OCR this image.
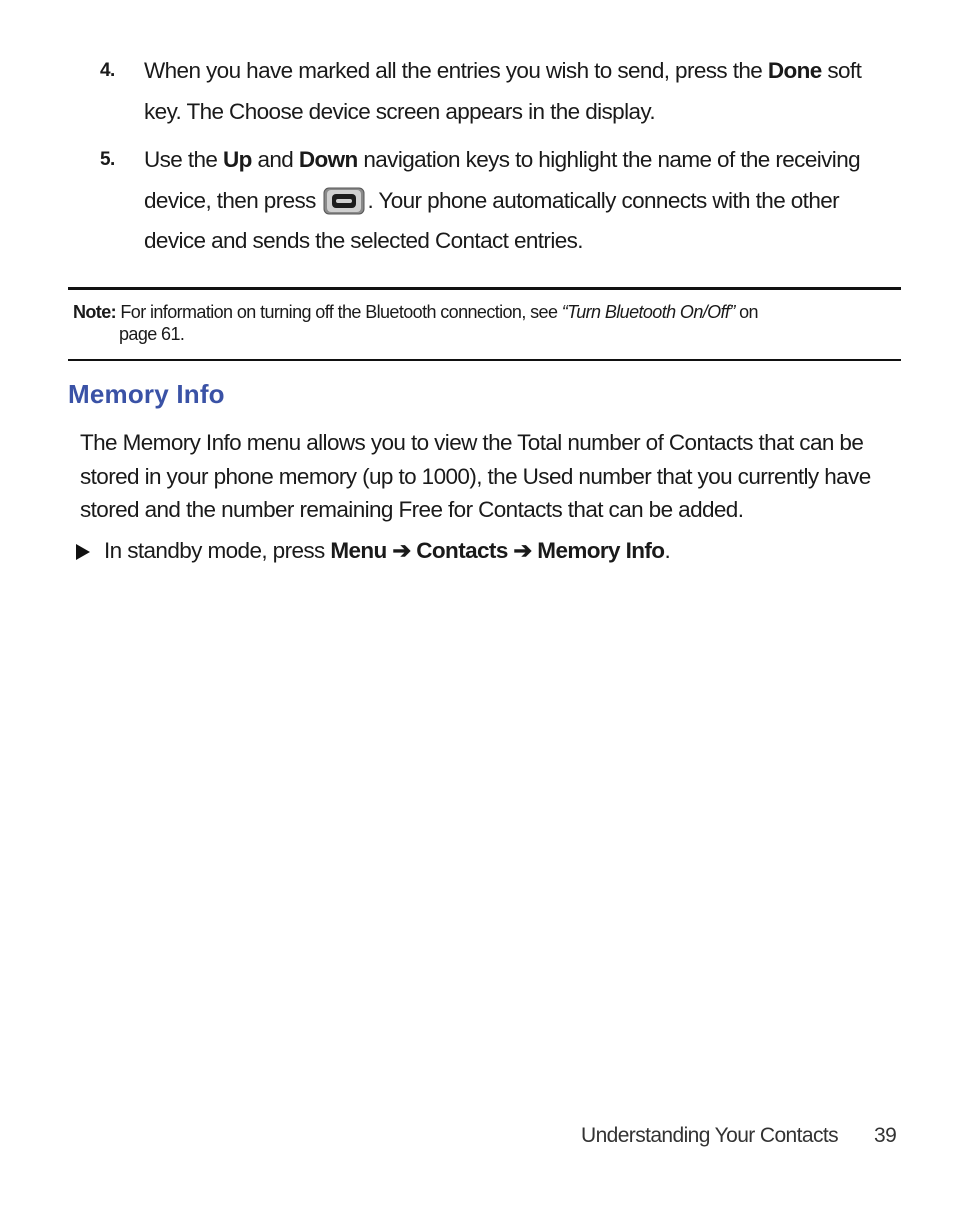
4. When you have marked all the entries you wish to send, press the Done soft
key. The Choose device screen appears in the display.
5. Use the Up and Down navigation keys to highlight the name of the receiving
device, then press . Your phone automatically connects with the other
device and sends the selected Contact entries.
Note: For information on turning off the Bluetooth connection, see “Turn Bluetooth On/Off” on
page 61.
Memory Info
The Memory Info menu allows you to view the Total number of Contacts that can be
stored in your phone memory (up to 1000), the Used number that you currently have
stored and the number remaining Free for Contacts that can be added.
In standby mode, press Menu ➔ Contacts ➔ Memory Info.
Understanding Your Contacts 39
